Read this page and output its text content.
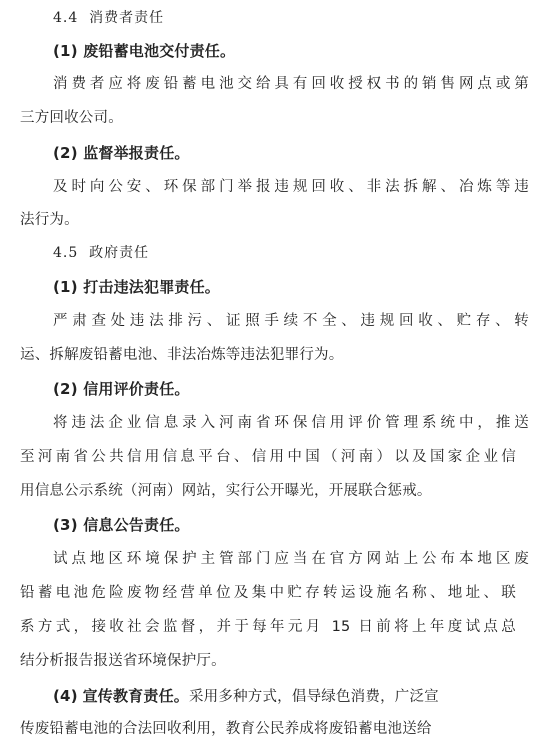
4.4 消费者责任
(1) 废铅蓄电池交付责任。
消费者应将废铅蓄电池交给具有回收授权书的销售网点或第
三方回收公司。
(2) 监督举报责任。
及时向公安、环保部门举报违规回收、非法拆解、冶炼等违
法行为。
4.5 政府责任
(1) 打击违法犯罪责任。
严肃查处违法排污、证照手续不全、违规回收、贮存、转
运、拆解废铅蓄电池、非法冶炼等违法犯罪行为。
(2) 信用评价责任。
将违法企业信息录入河南省环保信用评价管理系统中，推送
至河南省公共信用信息平台、信用中国（河南）以及国家企业信
用信息公示系统（河南）网站，实行公开曝光，开展联合惩戒。
(3) 信息公告责任。
试点地区环境保护主管部门应当在官方网站上公布本地区废
铅蓄电池危险废物经营单位及集中贮存转运设施名称、地址、联
系方式，接收社会监督，并于每年元月 15 日前将上年度试点总
结分析报告报送省环境保护厅。
(4) 宣传教育责任。采用多种方式，倡导绿色消费，广泛宣
传废铅蓄电池的合法回收利用，教育公民养成将废铅蓄电池送给
